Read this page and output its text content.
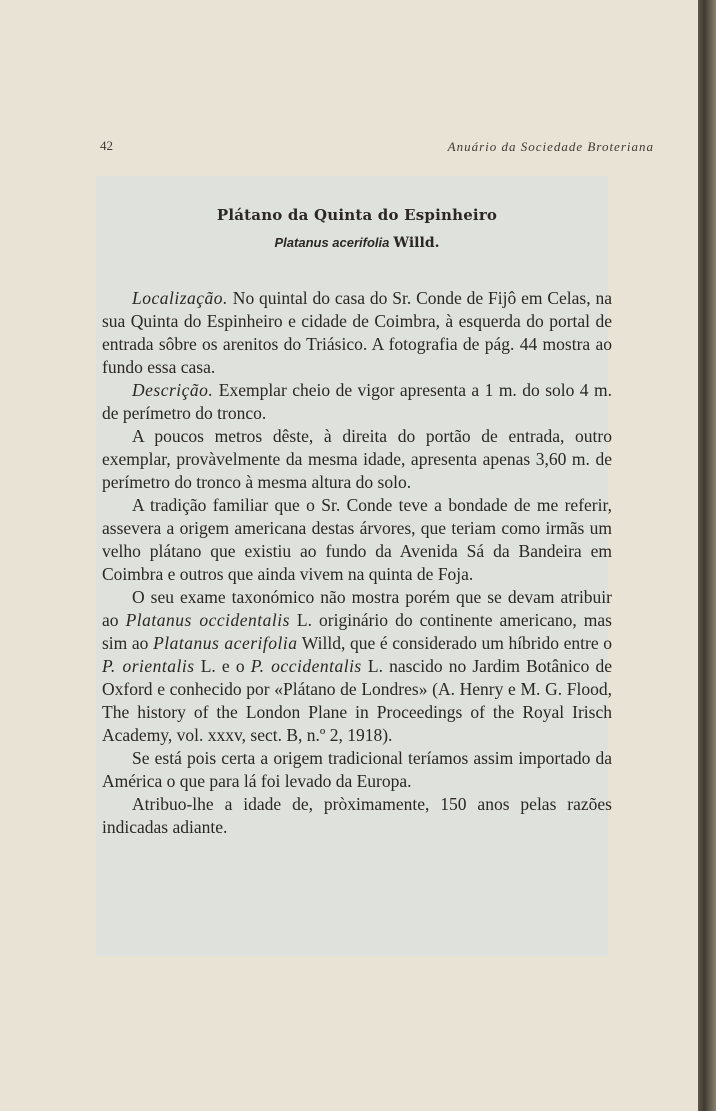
42	Anuário da Sociedade Broteriana
Plátano da Quinta do Espinheiro
Platanus acerifolia Willd.

Localização. No quintal do casa do Sr. Conde de Fijô em Celas, na sua Quinta do Espinheiro e cidade de Coimbra, à esquerda do portal de entrada sôbre os arenitos do Triásico. A fotografia de pág. 44 mostra ao fundo essa casa.

Descrição. Exemplar cheio de vigor apresenta a 1 m. do solo 4 m. de perímetro do tronco.

A poucos metros dêste, à direita do portão de entrada, outro exemplar, provàvelmente da mesma idade, apresenta apenas 3,60 m. de perímetro do tronco à mesma altura do solo.

A tradição familiar que o Sr. Conde teve a bondade de me referir, assevera a origem americana destas árvores, que teriam como irmãs um velho plátano que existiu ao fundo da Avenida Sá da Bandeira em Coimbra e outros que ainda vivem na quinta de Foja.

O seu exame taxonómico não mostra porém que se devam atribuir ao Platanus occidentalis L. originário do continente americano, mas sim ao Platanus acerifolia Willd, que é considerado um híbrido entre o P. orientalis L. e o P. occidentalis L. nascido no Jardim Botânico de Oxford e conhecido por «Plátano de Londres» (A. Henry e M. G. Flood, The history of the London Plane in Proceedings of the Royal Irisch Academy, vol. xxxv, sect. B, n.º 2, 1918).

Se está pois certa a origem tradicional teríamos assim importado da América o que para lá foi levado da Europa.

Atribuo-lhe a idade de, pròximamente, 150 anos pelas razões indicadas adiante.
